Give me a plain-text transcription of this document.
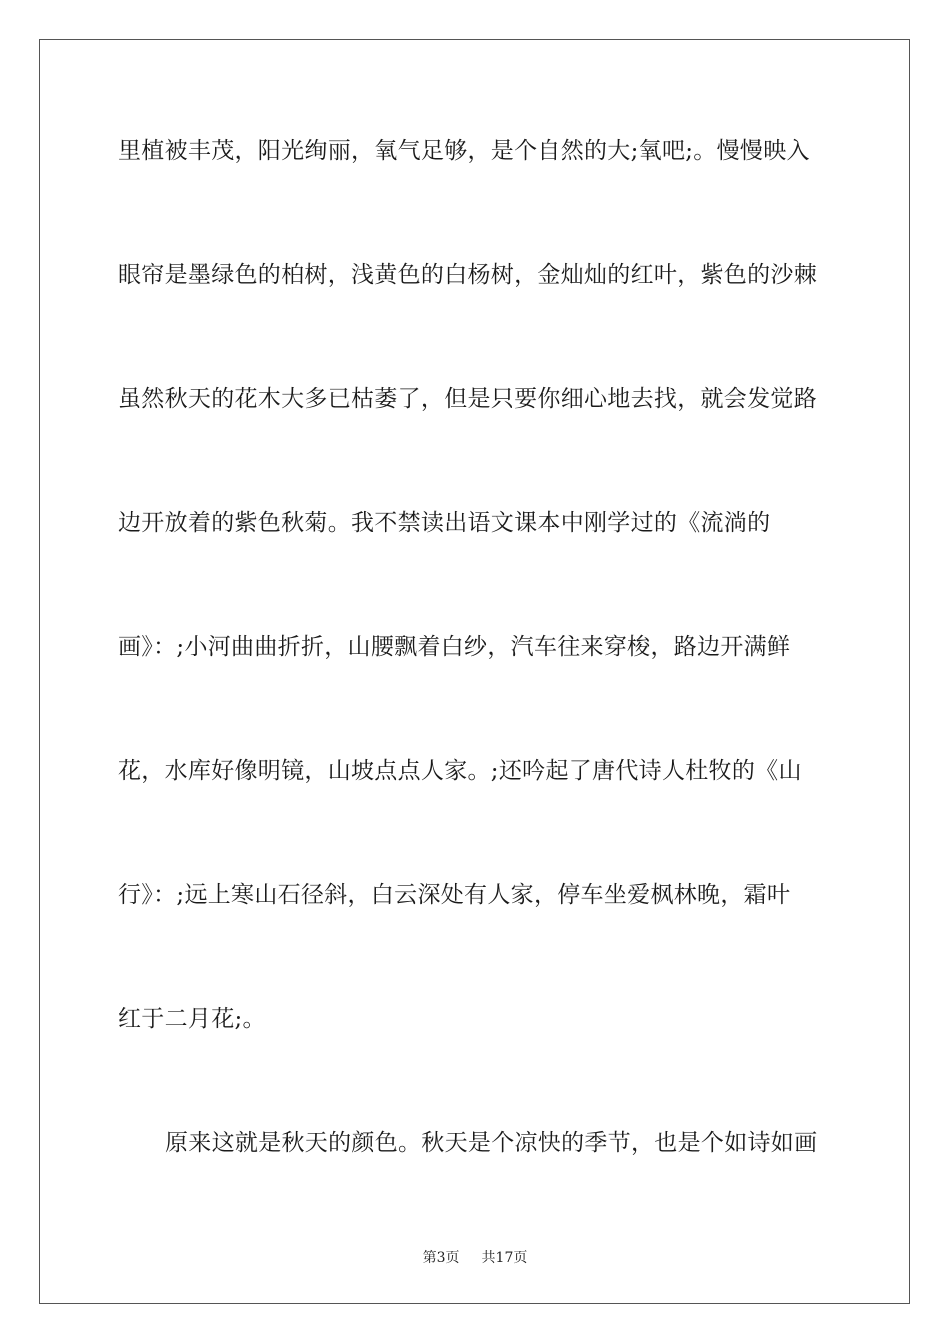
里植被丰茂，阳光绚丽，氧气足够，是个自然的大;氧吧;。慢慢映入
眼帘是墨绿色的柏树，浅黄色的白杨树，金灿灿的红叶，紫色的沙棘
虽然秋天的花木大多已枯萎了，但是只要你细心地去找，就会发觉路
边开放着的紫色秋菊。我不禁读出语文课本中刚学过的《流淌的
画》：;小河曲曲折折，山腰飘着白纱，汽车往来穿梭，路边开满鲜
花，水库好像明镜，山坡点点人家。;还吟起了唐代诗人杜牧的《山
行》：;远上寒山石径斜，白云深处有人家，停车坐爱枫林晚，霜叶
红于二月花;。
原来这就是秋天的颜色。秋天是个凉快的季节，也是个如诗如画
第3页 共17页
